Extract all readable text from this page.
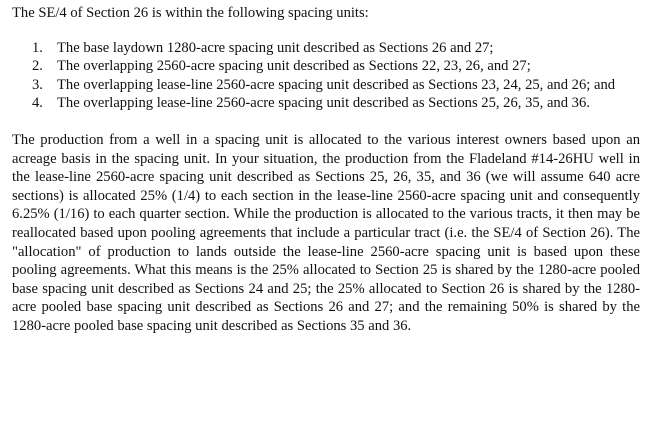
The SE/4 of Section 26 is within the following spacing units:

1. The base laydown 1280-acre spacing unit described as Sections 26 and 27;
2. The overlapping 2560-acre spacing unit described as Sections 22, 23, 26, and 27;
3. The overlapping lease-line 2560-acre spacing unit described as Sections 23, 24, 25, and 26; and
4. The overlapping lease-line 2560-acre spacing unit described as Sections 25, 26, 35, and 36.

The production from a well in a spacing unit is allocated to the various interest owners based upon an acreage basis in the spacing unit. In your situation, the production from the Fladeland #14-26HU well in the lease-line 2560-acre spacing unit described as Sections 25, 26, 35, and 36 (we will assume 640 acre sections) is allocated 25% (1/4) to each section in the lease-line 2560-acre spacing unit and consequently 6.25% (1/16) to each quarter section. While the production is allocated to the various tracts, it then may be reallocated based upon pooling agreements that include a particular tract (i.e. the SE/4 of Section 26). The "allocation" of production to lands outside the lease-line 2560-acre spacing unit is based upon these pooling agreements. What this means is the 25% allocated to Section 25 is shared by the 1280-acre pooled base spacing unit described as Sections 24 and 25; the 25% allocated to Section 26 is shared by the 1280-acre pooled base spacing unit described as Sections 26 and 27; and the remaining 50% is shared by the 1280-acre pooled base spacing unit described as Sections 35 and 36.
